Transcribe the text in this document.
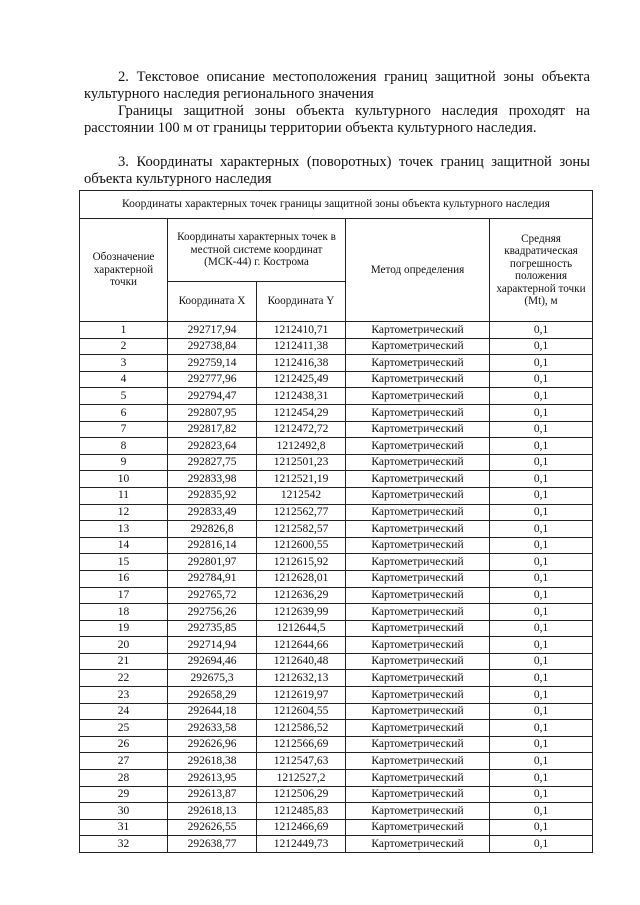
2. Текстовое описание местоположения границ защитной зоны объекта культурного наследия регионального значения
Границы защитной зоны объекта культурного наследия проходят на расстоянии 100 м от границы территории объекта культурного наследия.
3. Координаты характерных (поворотных) точек границ защитной зоны объекта культурного наследия
Координаты характерных точек границы защитной зоны объекта культурного наследия				
Обозначение характерной точки	Координаты характерных точек в местной системе координат (МСК-44) г. Кострома		Метод определения	Средняя квадратическая погрешность положения характерной точки (Mt), м
	Координата X	Координата Y		
1	292717,94	1212410,71	Картометрический	0,1
2	292738,84	1212411,38	Картометрический	0,1
3	292759,14	1212416,38	Картометрический	0,1
4	292777,96	1212425,49	Картометрический	0,1
5	292794,47	1212438,31	Картометрический	0,1
6	292807,95	1212454,29	Картометрический	0,1
7	292817,82	1212472,72	Картометрический	0,1
8	292823,64	1212492,8	Картометрический	0,1
9	292827,75	1212501,23	Картометрический	0,1
10	292833,98	1212521,19	Картометрический	0,1
11	292835,92	1212542	Картометрический	0,1
12	292833,49	1212562,77	Картометрический	0,1
13	292826,8	1212582,57	Картометрический	0,1
14	292816,14	1212600,55	Картометрический	0,1
15	292801,97	1212615,92	Картометрический	0,1
16	292784,91	1212628,01	Картометрический	0,1
17	292765,72	1212636,29	Картометрический	0,1
18	292756,26	1212639,99	Картометрический	0,1
19	292735,85	1212644,5	Картометрический	0,1
20	292714,94	1212644,66	Картометрический	0,1
21	292694,46	1212640,48	Картометрический	0,1
22	292675,3	1212632,13	Картометрический	0,1
23	292658,29	1212619,97	Картометрический	0,1
24	292644,18	1212604,55	Картометрический	0,1
25	292633,58	1212586,52	Картометрический	0,1
26	292626,96	1212566,69	Картометрический	0,1
27	292618,38	1212547,63	Картометрический	0,1
28	292613,95	1212527,2	Картометрический	0,1
29	292613,87	1212506,29	Картометрический	0,1
30	292618,13	1212485,83	Картометрический	0,1
31	292626,55	1212466,69	Картометрический	0,1
32	292638,77	1212449,73	Картометрический	0,1
